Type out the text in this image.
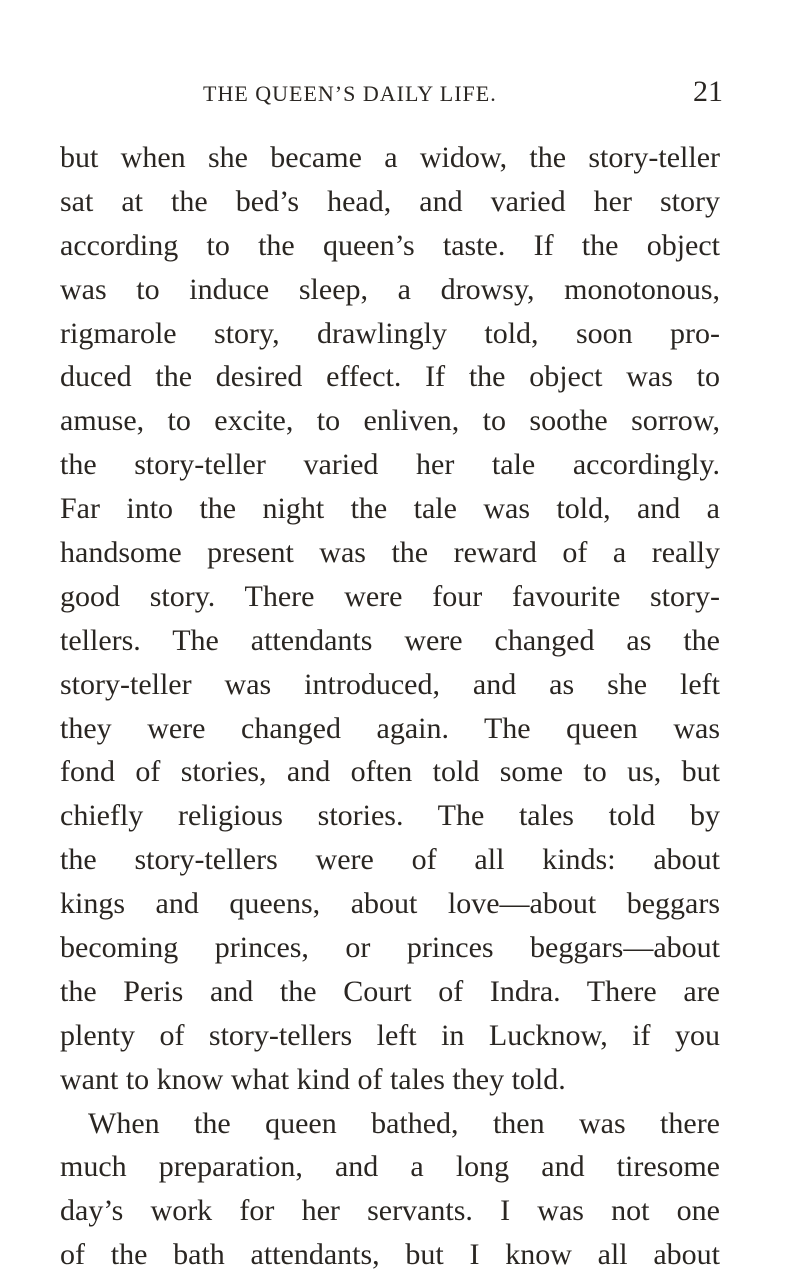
THE QUEEN’S DAILY LIFE.	21
but when she became a widow, the story-teller
sat at the bed’s head, and varied her story
according to the queen’s taste. If the object
was to induce sleep, a drowsy, monotonous,
rigmarole story, drawlingly told, soon pro-
duced the desired effect. If the object was to
amuse, to excite, to enliven, to soothe sorrow,
the story-teller varied her tale accordingly.
Far into the night the tale was told, and a
handsome present was the reward of a really
good story. There were four favourite story-
tellers. The attendants were changed as the
story-teller was introduced, and as she left
they were changed again. The queen was
fond of stories, and often told some to us, but
chiefly religious stories. The tales told by
the story-tellers were of all kinds: about
kings and queens, about love—about beggars
becoming princes, or princes beggars—about
the Peris and the Court of Indra. There are
plenty of story-tellers left in Lucknow, if you
want to know what kind of tales they told.
When the queen bathed, then was there
much preparation, and a long and tiresome
day’s work for her servants. I was not one
of the bath attendants, but I know all about
